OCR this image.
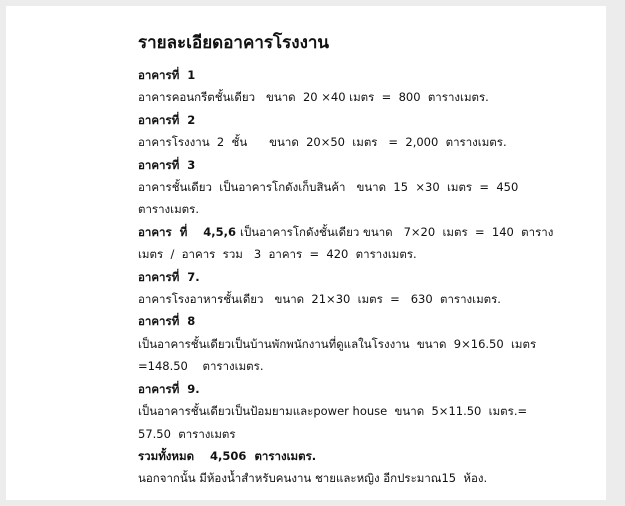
รายละเอียดอาคารโรงงาน
อาคารที่  1
อาคารคอนกรีตชั้นเดียว   ขนาด  20 ×40 เมตร  =  800  ตารางเมตร.
อาคารที่  2
อาคารโรงงาน  2  ชั้น      ขนาด  20×50  เมตร   =  2,000  ตารางเมตร.
อาคารที่  3
อาคารชั้นเดียว  เป็นอาคารโกดังเก็บสินค้า   ขนาด  15  ×30  เมตร  =  450
ตารางเมตร.
อาคาร  ที่    4,5,6 เป็นอาคารโกดังชั้นเดียว ขนาด   7×20  เมตร  =  140  ตาราง
เมตร  /  อาคาร  รวม   3  อาคาร  =  420  ตารางเมตร.
อาคารที่  7.
อาคารโรงอาหารชั้นเดียว   ขนาด  21×30  เมตร  =   630  ตารางเมตร.
อาคารที่  8
เป็นอาคารชั้นเดียวเป็นบ้านพักพนักงานที่ดูแลในโรงงาน  ขนาด  9×16.50  เมตร
=148.50    ตารางเมตร.
อาคารที่  9.
เป็นอาคารชั้นเดียวเป็นป้อมยามและpower house  ขนาด  5×11.50  เมตร.=
57.50  ตารางเมตร
รวมทั้งหมด    4,506  ตารางเมตร.
นอกจากนั้น มีห้องน้ำสำหรับคนงาน ชายและหญิง อีกประมาณ15  ห้อง.
